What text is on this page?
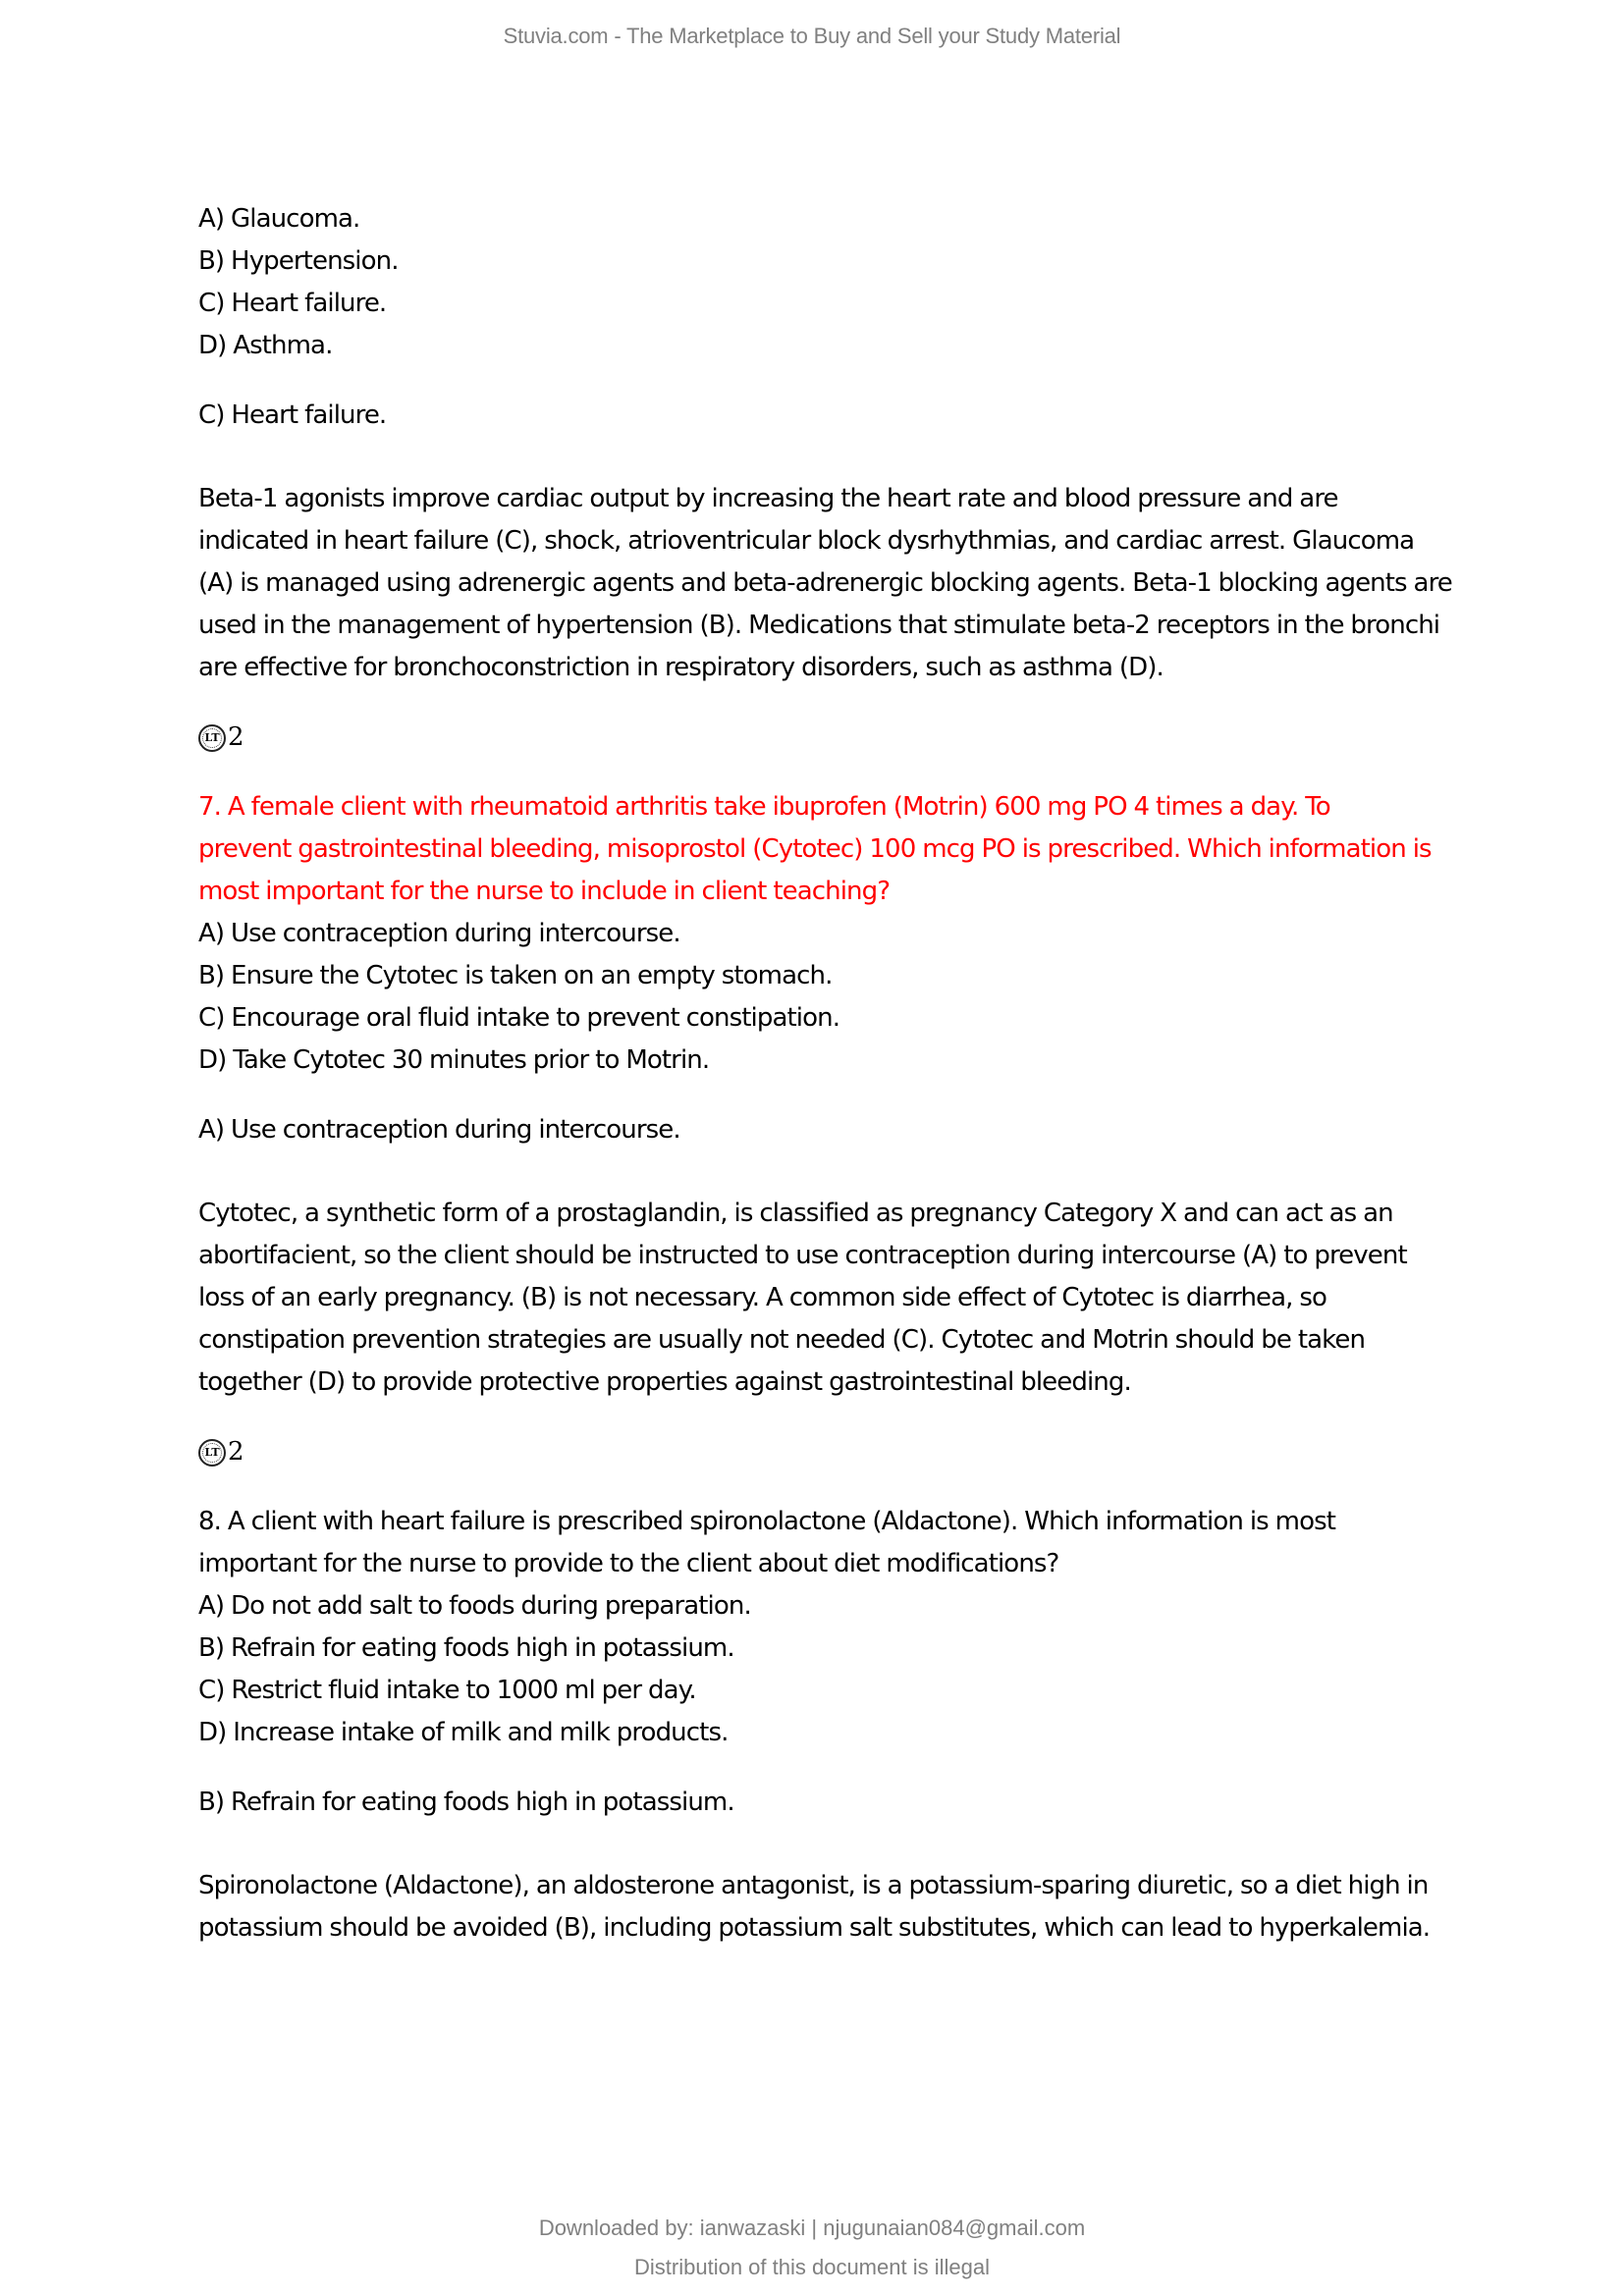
Stuvia.com - The Marketplace to Buy and Sell your Study Material
A) Glaucoma.
B) Hypertension.
C) Heart failure.
D) Asthma.
C) Heart failure.
Beta-1 agonists improve cardiac output by increasing the heart rate and blood pressure and are
indicated in heart failure (C), shock, atrioventricular block dysrhythmias, and cardiac arrest. Glaucoma
(A) is managed using adrenergic agents and beta-adrenergic blocking agents. Beta-1 blocking agents are
used in the management of hypertension (B). Medications that stimulate beta-2 receptors in the bronchi
are effective for bronchoconstriction in respiratory disorders, such as asthma (D).
LT 2
7. A female client with rheumatoid arthritis take ibuprofen (Motrin) 600 mg PO 4 times a day. To
prevent gastrointestinal bleeding, misoprostol (Cytotec) 100 mcg PO is prescribed. Which information is
most important for the nurse to include in client teaching?
A) Use contraception during intercourse.
B) Ensure the Cytotec is taken on an empty stomach.
C) Encourage oral fluid intake to prevent constipation.
D) Take Cytotec 30 minutes prior to Motrin.
A) Use contraception during intercourse.
Cytotec, a synthetic form of a prostaglandin, is classified as pregnancy Category X and can act as an
abortifacient, so the client should be instructed to use contraception during intercourse (A) to prevent
loss of an early pregnancy. (B) is not necessary. A common side effect of Cytotec is diarrhea, so
constipation prevention strategies are usually not needed (C). Cytotec and Motrin should be taken
together (D) to provide protective properties against gastrointestinal bleeding.
LT 2
8. A client with heart failure is prescribed spironolactone (Aldactone). Which information is most
important for the nurse to provide to the client about diet modifications?
A) Do not add salt to foods during preparation.
B) Refrain for eating foods high in potassium.
C) Restrict fluid intake to 1000 ml per day.
D) Increase intake of milk and milk products.
B) Refrain for eating foods high in potassium.
Spironolactone (Aldactone), an aldosterone antagonist, is a potassium-sparing diuretic, so a diet high in
potassium should be avoided (B), including potassium salt substitutes, which can lead to hyperkalemia.
Downloaded by: ianwazaski | njugunaian084@gmail.com
Distribution of this document is illegal
